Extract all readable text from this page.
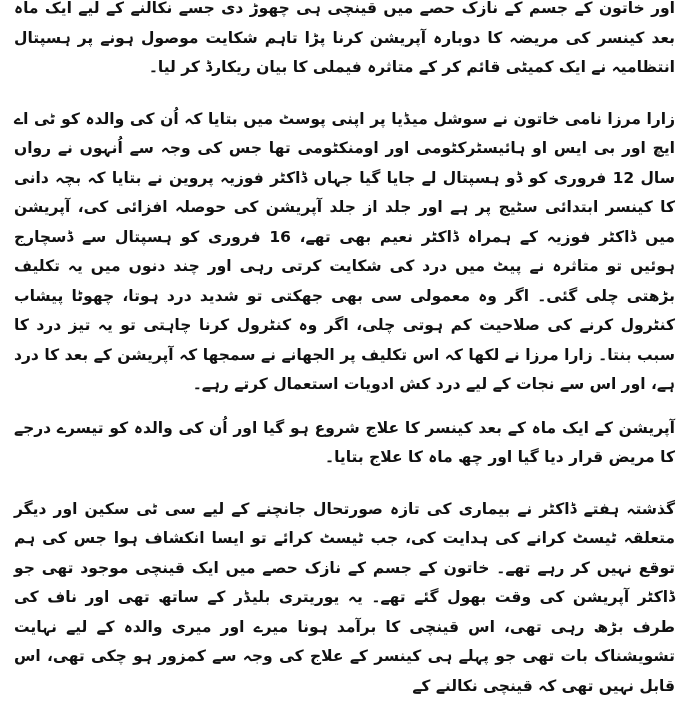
اور خاتون کے جسم کے نازک حصے میں قینچی ہی چھوڑ دی جسے نکالنے کے لیے ایک ماہ بعد کینسر کی مریضہ کا دوبارہ آپریشن کرنا پڑا تاہم شکایت موصول ہونے پر ہسپتال انتظامیہ نے ایک کمیٹی قائم کر کے متاثرہ فیملی کا بیان ریکارڈ کر لیا۔

زارا مرزا نامی خاتون نے سوشل میڈیا پر اپنی پوسٹ میں بتایا کہ اُن کی والدہ کو ٹی اے ایچ اور بی ایس او ہائیسٹرکٹومی اور اومنکٹومی تھا جس کی وجہ سے اُنہوں نے رواں سال 12 فروری کو ڈو ہسپتال لے جایا گیا جہاں ڈاکٹر فوزیہ پروین نے بتایا کہ بچہ دانی کا کینسر ابتدائی سٹیج پر ہے اور جلد از جلد آپریشن کی حوصلہ افزائی کی، آپریشن میں ڈاکٹر فوزیہ کے ہمراہ ڈاکٹر نعیم بھی تھے، 16 فروری کو ہسپتال سے ڈسچارج ہوئیں تو متاثرہ نے پیٹ میں درد کی شکایت کرتی رہی اور چند دنوں میں یہ تکلیف بڑھتی چلی گئی۔ اگر وہ معمولی سی بھی جھکتی تو شدید درد ہوتا، چھوٹا پیشاب کنٹرول کرنے کی صلاحیت کم ہوتی چلی، اگر وہ کنٹرول کرنا چاہتی تو یہ تیز درد کا سبب بنتا۔ زارا مرزا نے لکھا کہ اس تکلیف پر الجھانے نے سمجھا کہ آپریشن کے بعد کا درد ہے، اور اس سے نجات کے لیے درد کش ادویات استعمال کرتے رہے۔

آپریشن کے ایک ماہ کے بعد کینسر کا علاج شروع ہو گیا اور اُن کی والدہ کو تیسرے درجے کا مریض قرار دیا گیا اور چھ ماہ کا علاج بتایا۔

گذشتہ ہفتے ڈاکٹر نے بیماری کی تازہ صورتحال جانچنے کے لیے سی ٹی سکین اور دیگر متعلقہ ٹیسٹ کرانے کی ہدایت کی، جب ٹیسٹ کرائے تو ایسا انکشاف ہوا جس کی ہم توقع نہیں کر رہے تھے۔ خاتون کے جسم کے نازک حصے میں ایک قینچی موجود تھی جو ڈاکٹر آپریشن کی وقت بھول گئے تھے۔ یہ یوریتری بلیڈر کے ساتھ تھی اور ناف کی طرف بڑھ رہی تھی، اس قینچی کا برآمد ہونا میرے اور میری والدہ کے لیے نہایت تشویشناک بات تھی جو پہلے ہی کینسر کے علاج کی وجہ سے کمزور ہو چکی تھی، اس قابل نہیں تھی کہ قینچی نکالنے کے
